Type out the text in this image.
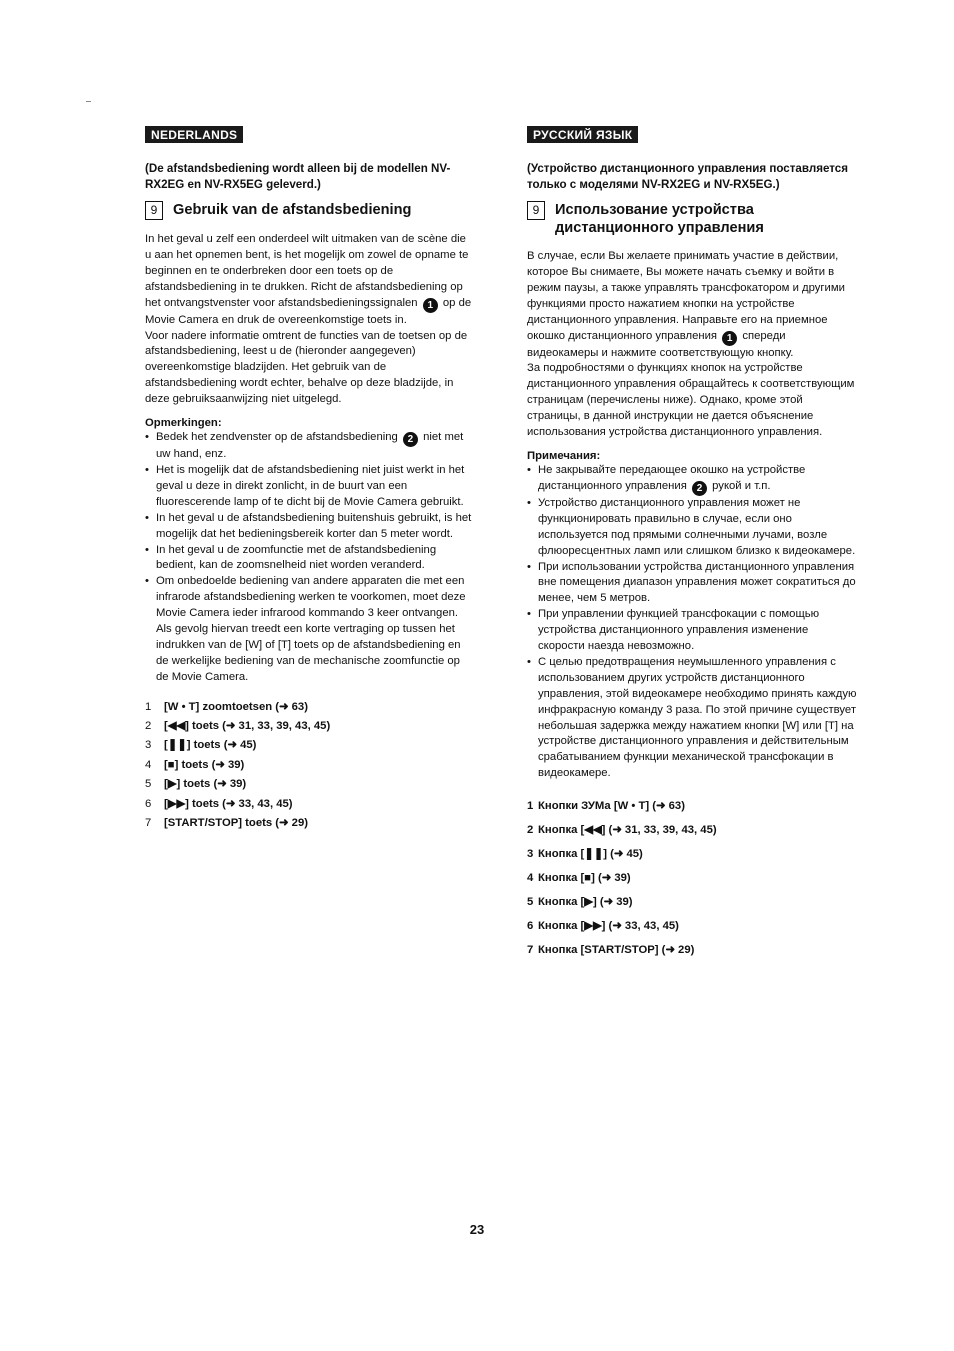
NEDERLANDS

(De afstandsbediening wordt alleen bij de modellen NV-RX2EG en NV-RX5EG geleverd.)

9	Gebruik van de afstandsbediening

In het geval u zelf een onderdeel wilt uitmaken van de scène die u aan het opnemen bent, is het mogelijk om zowel de opname te beginnen en te onderbreken door een toets op de afstandsbediening in te drukken. Richt de afstandsbediening op het ontvangstvenster voor afstandsbedieningssignalen 1 op de Movie Camera en druk de overeenkomstige toets in.

Voor nadere informatie omtrent de functies van de toetsen op de afstandsbediening, leest u de (hieronder aangegeven) overeenkomstige bladzijden. Het gebruik van de afstandsbediening wordt echter, behalve op deze bladzijde, in deze gebruiksaanwijzing niet uitgelegd.

Opmerkingen:
• Bedek het zendvenster op de afstandsbediening 2 niet met uw hand, enz.
• Het is mogelijk dat de afstandsbediening niet juist werkt in het geval u deze in direkt zonlicht, in de buurt van een fluorescerende lamp of te dicht bij de Movie Camera gebruikt.
• In het geval u de afstandsbediening buitenshuis gebruikt, is het mogelijk dat het bedieningsbereik korter dan 5 meter wordt.
• In het geval u de zoomfunctie met de afstandsbediening bedient, kan de zoomsnelheid niet worden veranderd.
• Om onbedoelde bediening van andere apparaten die met een infrarode afstandsbediening werken te voorkomen, moet deze Movie Camera ieder infrarood kommando 3 keer ontvangen. Als gevolg hiervan treedt een korte vertraging op tussen het indrukken van de [W] of [T] toets op de afstandsbediening en de werkelijke bediening van de mechanische zoomfunctie op de Movie Camera.
1	[W • T] zoomtoetsen (➜ 63)
2	[◀◀] toets (➜ 31, 33, 39, 43, 45)
3	[❚❚] toets (➜ 45)
4	[■] toets (➜ 39)
5	[▶] toets (➜ 39)
6	[▶▶] toets (➜ 33, 43, 45)
7	[START/STOP] toets (➜ 29)
РУССКИЙ ЯЗЫК

(Устройство дистанционного управления поставляется только с моделями NV-RX2EG и NV-RX5EG.)

9	Использование устройства дистанционного управления

В случае, если Вы желаете принимать участие в действии, которое Вы снимаете, Вы можете начать съемку и войти в режим паузы, а также управлять трансфокатором и другими функциями просто нажатием кнопки на устройстве дистанционного управления. Направьте его на приемное окошко дистанционного управления 1 спереди видеокамеры и нажмите соответствующую кнопку.

За подробностями о функциях кнопок на устройстве дистанционного управления обращайтесь к соответствующим страницам (перечислены ниже). Однако, кроме этой страницы, в данной инструкции не дается объяснение использования устройства дистанционного управления.

Примечания:
• Не закрывайте передающее окошко на устройстве дистанционного управления 2 рукой и т.п.
• Устройство дистанционного управления может не функционировать правильно в случае, если оно используется под прямыми солнечными лучами, возле флюоресцентных ламп или слишком близко к видеокамере.
• При использовании устройства дистанционного управления вне помещения диапазон управления может сократиться до менее, чем 5 метров.
• При управлении функцией трансфокации с помощью устройства дистанционного управления изменение скорости наезда невозможно.
• С целью предотвращения неумышленного управления с использованием других устройств дистанционного управления, этой видеокамере необходимо принять каждую инфракрасную команду 3 раза. По этой причине существует небольшая задержка между нажатием кнопки [W] или [T] на устройстве дистанционного управления и действительным срабатыванием функции механической трансфокации в видеокамере.
1 Кнопки ЗУМа [W • T] (➜ 63)
2 Кнопка [◀◀] (➜ 31, 33, 39, 43, 45)
3 Кнопка [❚❚] (➜ 45)
4 Кнопка [■] (➜ 39)
5 Кнопка [▶] (➜ 39)
6 Кнопка [▶▶] (➜ 33, 43, 45)
7 Кнопка [START/STOP] (➜ 29)
23
